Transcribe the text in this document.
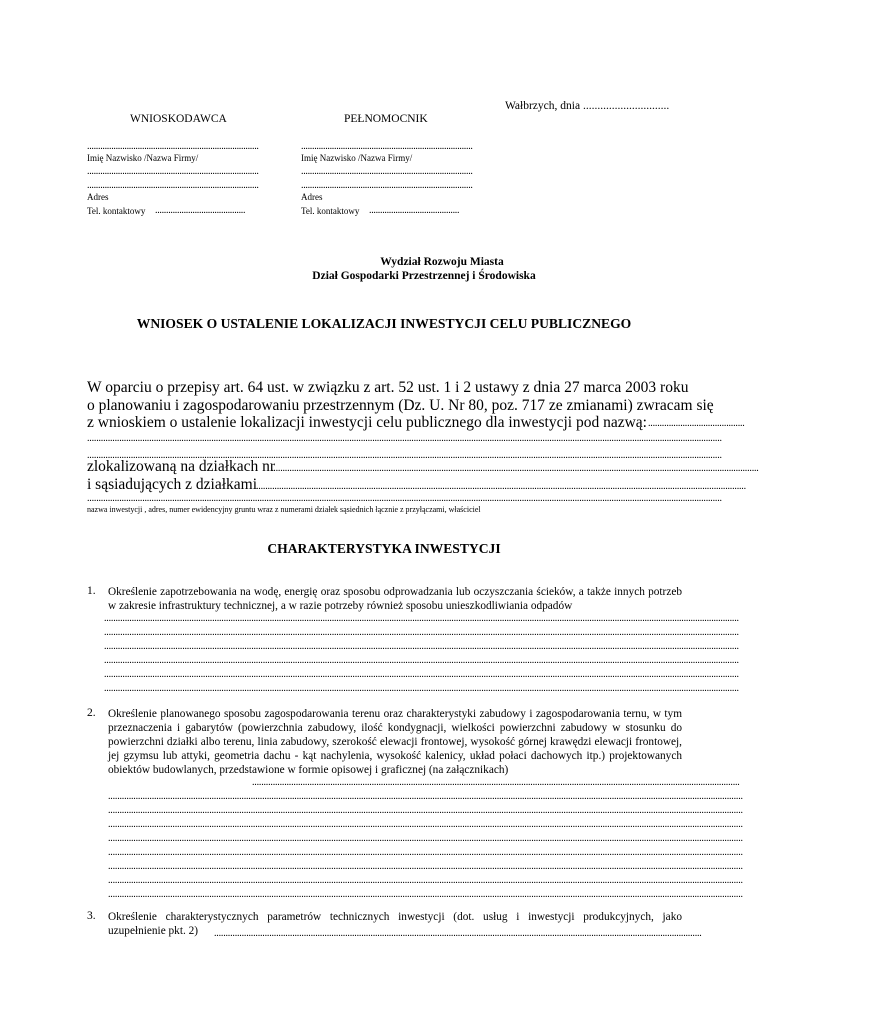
Wałbrzych, dnia ..............................
WNIOSKODAWCA
..............................................................................
Imię Nazwisko /Nazwa Firmy/
..............................................................................
..............................................................................
Adres
Tel. kontaktowy .........................................
PEŁNOMOCNIK
..............................................................................
Imię Nazwisko /Nazwa Firmy/
..............................................................................
..............................................................................
Adres
Tel. kontaktowy .........................................
Wydział Rozwoju Miasta
Dział Gospodarki Przestrzennej i Środowiska
WNIOSEK O USTALENIE LOKALIZACJI INWESTYCJI CELU PUBLICZNEGO
W oparciu o przepisy art. 64 ust. w związku z art. 52 ust. 1 i 2 ustawy z dnia 27 marca 2003 roku
o planowaniu i zagospodarowaniu przestrzennym (Dz. U. Nr 80, poz. 717 ze zmianami) zwracam się
z wnioskiem o ustalenie lokalizacji inwestycji celu publicznego dla inwestycji pod nazwą: ..........................................
....................................................................................................................................................................................................................................................................................
....................................................................................................................................................................................................................................................................................
zlokalizowaną na działkach nr
....................................................................................................................................................................................................................
i sąsiadujących z działkami
.....................................................................................................................................................................................................................
....................................................................................................................................................................................................................................................................................
nazwa inwestycji , adres, numer ewidencyjny gruntu wraz z numerami działek sąsiednich łącznie z przyłączami, właściciel
CHARAKTERYSTYKA INWESTYCJI
1. Określenie zapotrzebowania na wodę, energię oraz sposobu odprowadzania lub oczyszczania ścieków, a także innych potrzeb w zakresie infrastruktury technicznej, a w razie potrzeby również sposobu unieszkodliwiania odpadów
....................................................................................................................................................................................................................................................................................
....................................................................................................................................................................................................................................................................................
....................................................................................................................................................................................................................................................................................
....................................................................................................................................................................................................................................................................................
....................................................................................................................................................................................................................................................................................
....................................................................................................................................................................................................................................................................................
2. Określenie planowanego sposobu zagospodarowania terenu oraz charakterystyki zabudowy i zagospodarowania ternu, w tym przeznaczenia i gabarytów (powierzchnia zabudowy, ilość kondygnacji, wielkości powierzchni zabudowy w stosunku do powierzchni działki albo terenu, linia zabudowy, szerokość elewacji frontowej, wysokość górnej krawędzi elewacji frontowej, jej gzymsu lub attyki, geometria dachu - kąt nachylenia, wysokość kalenicy, układ połaci dachowych itp.) projektowanych obiektów budowlanych, przedstawione w formie opisowej i graficznej (na załącznikach)
....................................................................................................................................................................................................................
....................................................................................................................................................................................................................................................................................
....................................................................................................................................................................................................................................................................................
....................................................................................................................................................................................................................................................................................
....................................................................................................................................................................................................................................................................................
....................................................................................................................................................................................................................................................................................
....................................................................................................................................................................................................................................................................................
....................................................................................................................................................................................................................................................................................
....................................................................................................................................................................................................................................................................................
3. Określenie charakterystycznych parametrów technicznych inwestycji (dot. usług i inwestycji produkcyjnych, jako uzupełnienie pkt. 2)	....................................................................................................................................................................................................................
